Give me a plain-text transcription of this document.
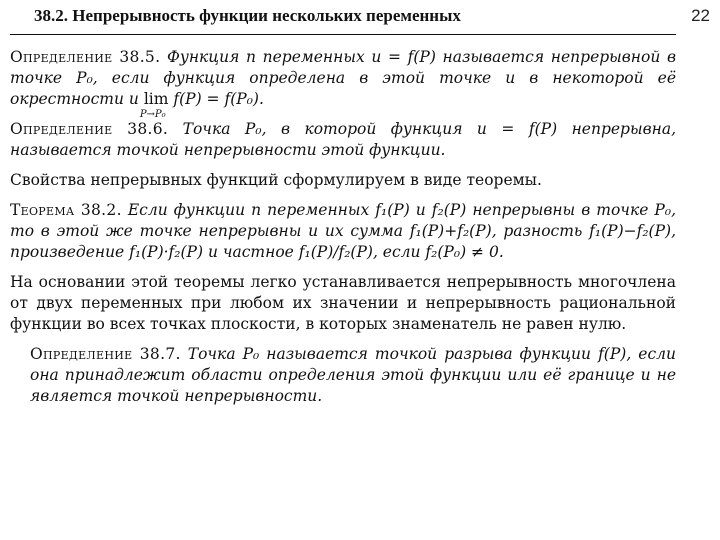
22
38.2. Непрерывность функции нескольких переменных

Определение 38.5. Функция n переменных u = f(P) называется непрерывной в точке P₀, если функция определена в этой точке и в некоторой её окрестности и lim
P→P₀
f(P) = f(P₀).

Определение 38.6. Точка P₀, в которой функция u = f(P) непрерывна, называется точкой непрерывности этой функции.

Свойства непрерывных функций сформулируем в виде теоремы.

Теорема 38.2. Если функции n переменных f₁(P) и f₂(P) непрерывны в точке P₀, то в этой же точке непрерывны и их сумма f₁(P)+f₂(P), разность f₁(P)−f₂(P), произведение f₁(P)·f₂(P) и частное f₁(P)/f₂(P), если f₂(P₀) ≠ 0.

На основании этой теоремы легко устанавливается непрерывность многочлена от двух переменных при любом их значении и непрерывность рациональной функции во всех точках плоскости, в которых знаменатель не равен нулю.

Определение 38.7. Точка P₀ называется точкой разрыва функции f(P), если она принадлежит области определения этой функции или её границе и не является точкой непрерывности.
